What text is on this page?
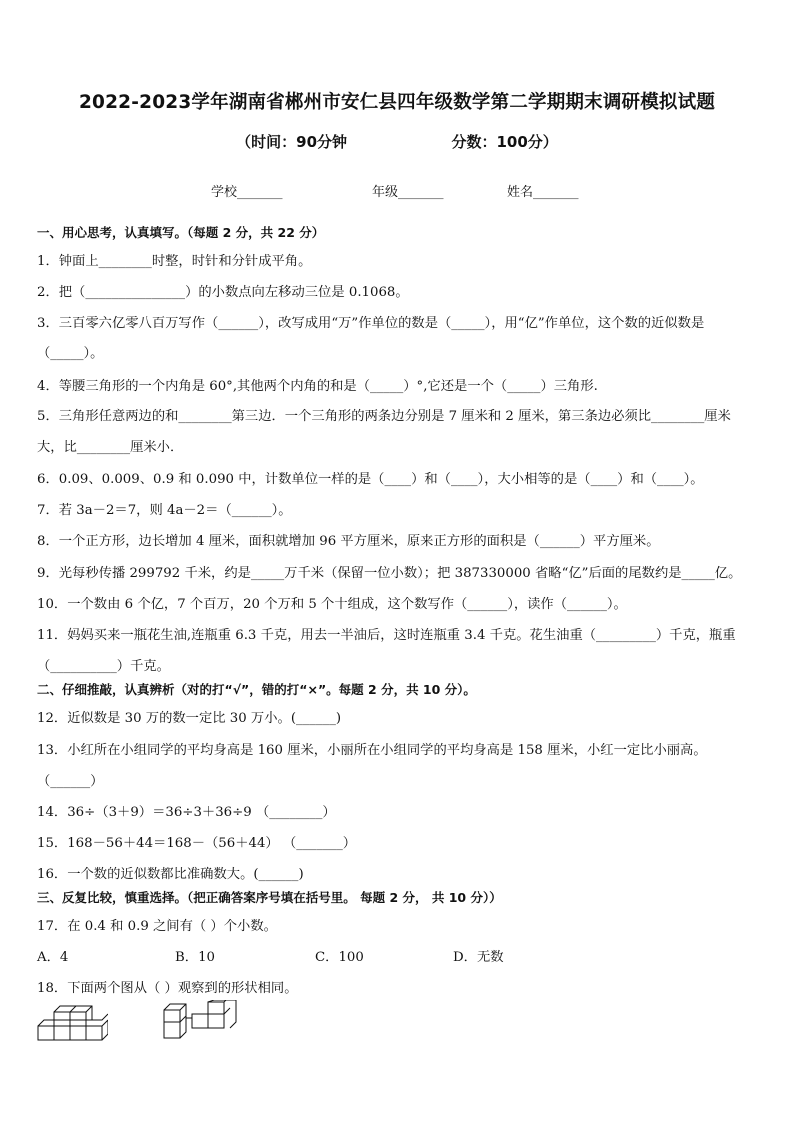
2022-2023学年湖南省郴州市安仁县四年级数学第二学期期末调研模拟试题
（时间：90分钟                    分数：100分）
学校_______	年级_______	姓名_______
一、用心思考，认真填写。（每题 2 分，共 22 分）
1．钟面上________时整，时针和分针成平角。
2．把（_______________）的小数点向左移动三位是 0.1068。
3．三百零六亿零八百万写作（______），改写成用“万”作单位的数是（_____），用“亿”作单位，这个数的近似数是
（_____）。
4．等腰三角形的一个内角是 60°,其他两个内角的和是（_____）°,它还是一个（_____）三角形.
5．三角形任意两边的和________第三边．一个三角形的两条边分别是 7 厘米和 2 厘米，第三条边必须比________厘米
大，比________厘米小．
6．0.09、0.009、0.9 和 0.090 中，计数单位一样的是（____）和（____），大小相等的是（____）和（____）。
7．若 3a－2＝7，则 4a－2＝（______）。
8．一个正方形，边长增加 4 厘米，面积就增加 96 平方厘米，原来正方形的面积是（______）平方厘米。
9．光每秒传播 299792 千米，约是_____万千米（保留一位小数）；把 387330000 省略“亿”后面的尾数约是_____亿。
10．一个数由 6 个亿，7 个百万，20 个万和 5 个十组成，这个数写作（______），读作（______）。
11．妈妈买来一瓶花生油,连瓶重 6.3 千克，用去一半油后，这时连瓶重 3.4 千克。花生油重（_________）千克，瓶重
（__________）千克。
二、仔细推敲，认真辨析（对的打“√”，错的打“×”。每题 2 分，共 10 分）。
12．近似数是 30 万的数一定比 30 万小。(______)
13．小红所在小组同学的平均身高是 160 厘米，小丽所在小组同学的平均身高是 158 厘米，小红一定比小丽高。
（______）
14．36÷（3＋9）＝36÷3＋36÷9 （________）
15．168－56＋44＝168－（56＋44） （_______）
16．一个数的近似数都比准确数大。(______)
三、反复比较，慎重选择。（把正确答案序号填在括号里。 每题 2 分， 共 10 分））
17．在 0.4 和 0.9 之间有（ ）个小数。
A．4	B．10	C．100	D．无数
18．下面两个图从（ ）观察到的形状相同。
